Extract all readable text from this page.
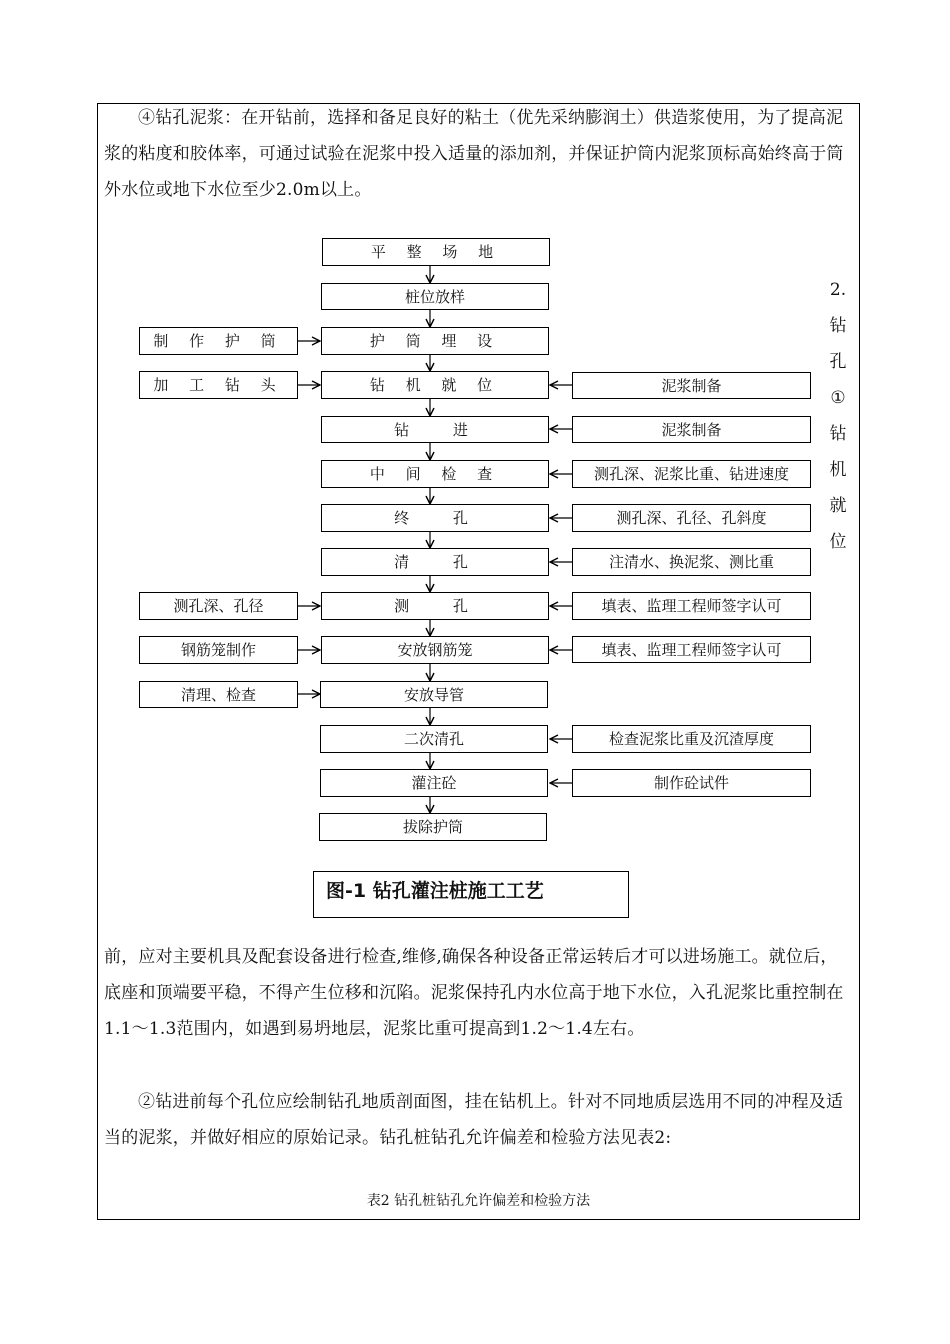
④钻孔泥浆：在开钻前，选择和备足良好的粘土（优先采纳膨润土）供造浆使用，为了提高泥浆的粘度和胶体率，可通过试验在泥浆中投入适量的添加剂，并保证护筒内泥浆顶标高始终高于筒外水位或地下水位至少2.0m以上。

2.
钻
孔
①
钻
机
就
位
平 整 场 地
桩位放样
护 筒 埋 设
钻 机 就 位
钻　 进
中 间 检 查
终　 孔
清　 孔
测　 孔
安放钢筋笼
安放导管
二次清孔
灌注砼
拔除护筒
制 作 护 筒
加 工 钻 头
测孔深、孔径
钢筋笼制作
清理、检查
泥浆制备
泥浆制备
测孔深、泥浆比重、钻进速度
测孔深、孔径、孔斜度
注清水、换泥浆、测比重
填表、监理工程师签字认可
填表、监理工程师签字认可
检查泥浆比重及沉渣厚度
制作砼试件
图-1 钻孔灌注桩施工工艺

前，应对主要机具及配套设备进行检查,维修,确保各种设备正常运转后才可以进场施工。就位后，底座和顶端要平稳，不得产生位移和沉陷。泥浆保持孔内水位高于地下水位，入孔泥浆比重控制在1.1～1.3范围内，如遇到易坍地层，泥浆比重可提高到1.2～1.4左右。

②钻进前每个孔位应绘制钻孔地质剖面图，挂在钻机上。针对不同地质层选用不同的冲程及适当的泥浆，并做好相应的原始记录。钻孔桩钻孔允许偏差和检验方法见表2:

表2 钻孔桩钻孔允许偏差和检验方法
